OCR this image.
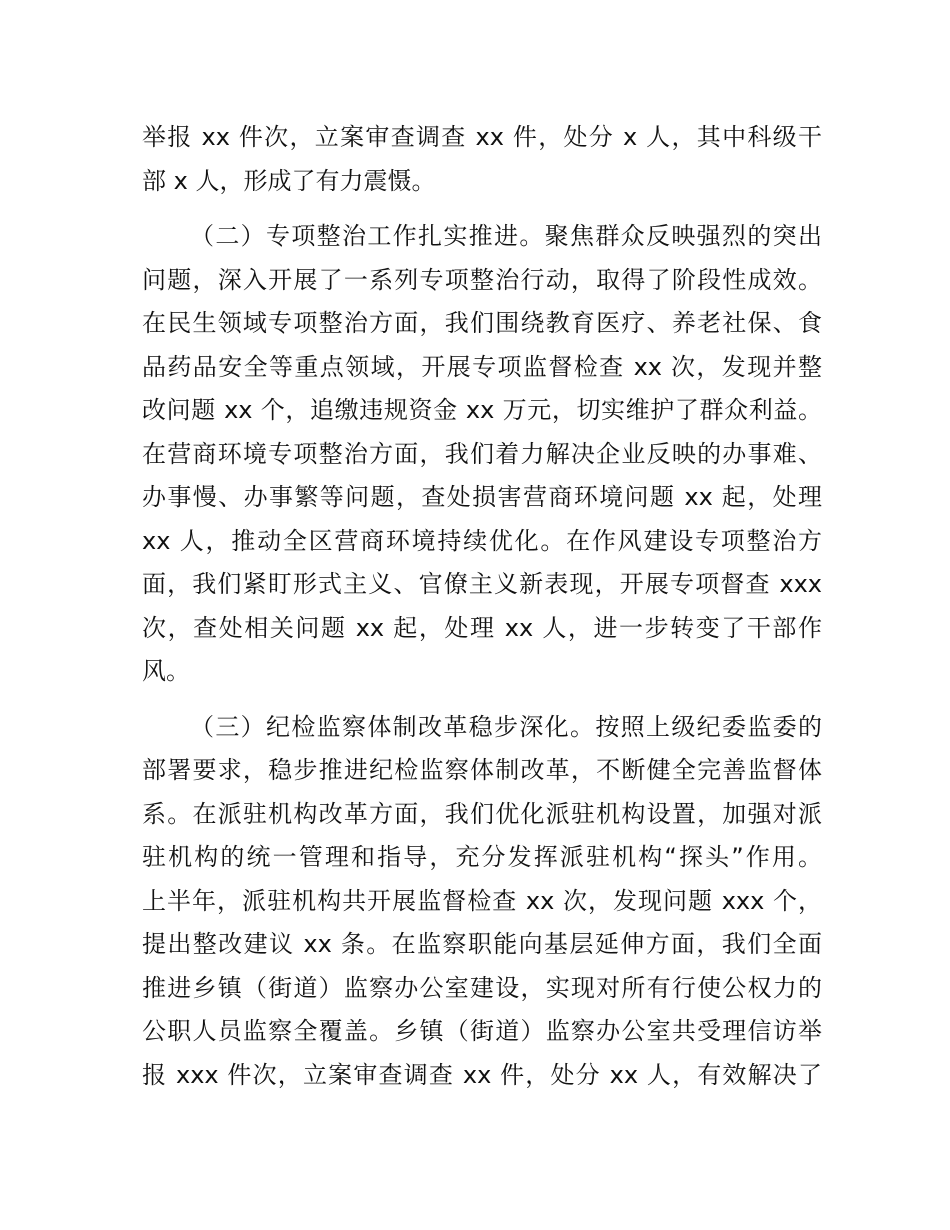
举报 xx 件次，立案审查调查 xx 件，处分 x 人，其中科级干
部 x 人，形成了有力震慑。
（二）专项整治工作扎实推进。聚焦群众反映强烈的突出
问题，深入开展了一系列专项整治行动，取得了阶段性成效。
在民生领域专项整治方面，我们围绕教育医疗、养老社保、食
品药品安全等重点领域，开展专项监督检查 xx 次，发现并整
改问题 xx 个，追缴违规资金 xx 万元，切实维护了群众利益。
在营商环境专项整治方面，我们着力解决企业反映的办事难、
办事慢、办事繁等问题，查处损害营商环境问题 xx 起，处理
xx 人，推动全区营商环境持续优化。在作风建设专项整治方
面，我们紧盯形式主义、官僚主义新表现，开展专项督查 xxx
次，查处相关问题 xx 起，处理 xx 人，进一步转变了干部作
风。
（三）纪检监察体制改革稳步深化。按照上级纪委监委的
部署要求，稳步推进纪检监察体制改革，不断健全完善监督体
系。在派驻机构改革方面，我们优化派驻机构设置，加强对派
驻机构的统一管理和指导，充分发挥派驻机构“探头”作用。
上半年，派驻机构共开展监督检查 xx 次，发现问题 xxx 个，
提出整改建议 xx 条。在监察职能向基层延伸方面，我们全面
推进乡镇（街道）监察办公室建设，实现对所有行使公权力的
公职人员监察全覆盖。乡镇（街道）监察办公室共受理信访举
报 xxx 件次，立案审查调查 xx 件，处分 xx 人，有效解决了
